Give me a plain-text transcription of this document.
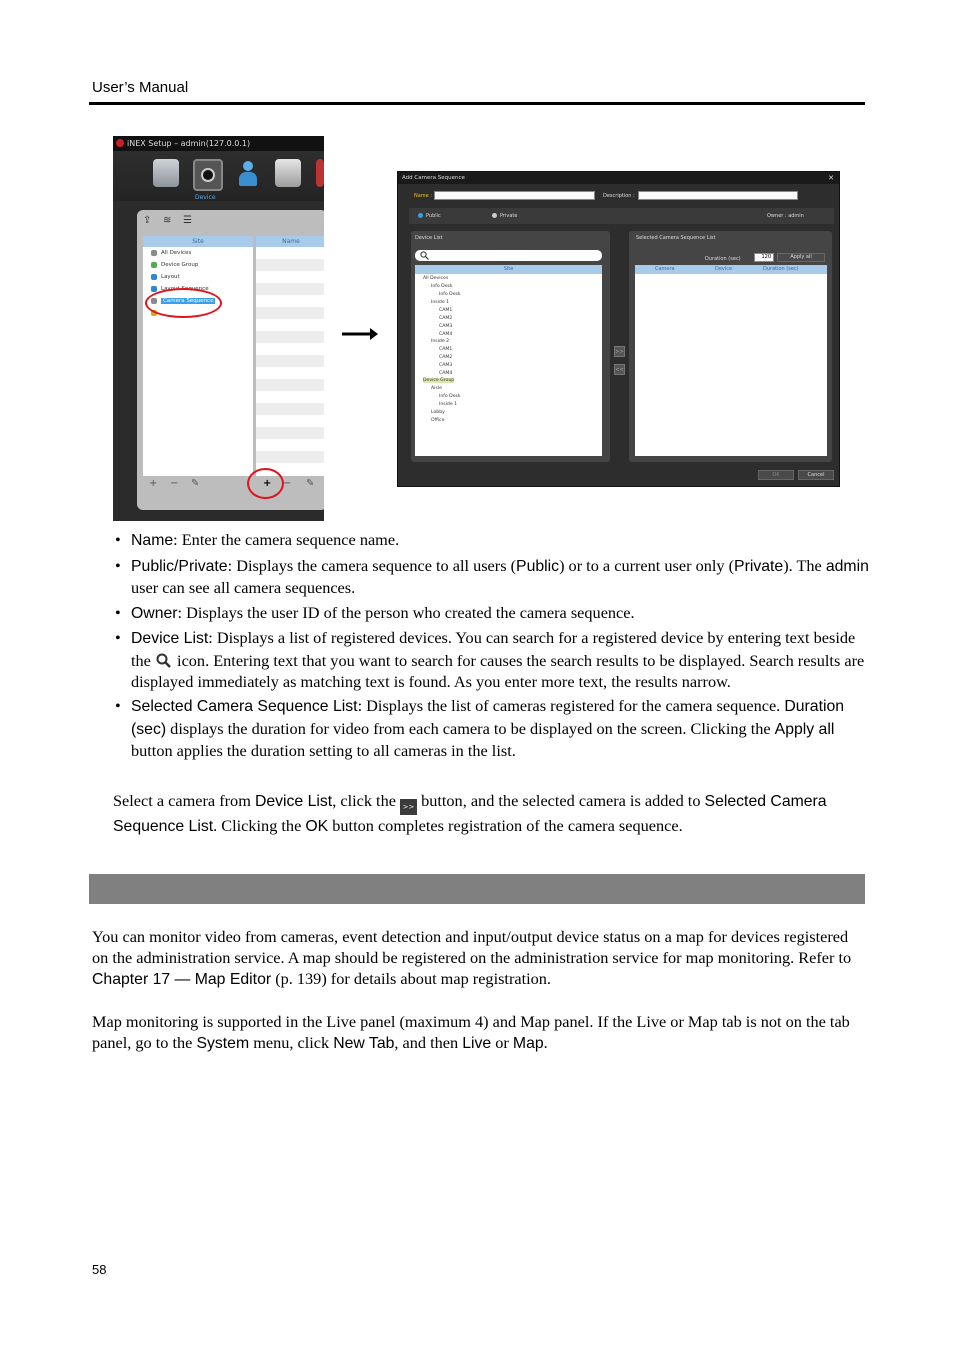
User’s Manual
iNEX Setup – admin(127.0.0.1)
Device
⇪ ≋ ☰
Site
All Devices
Device Group
Layout
Layout Sequence
Camera Sequence
Name
+ − ✎	+ − ✎
Add Camera Sequence	✕
Name :	Description :
Public	Private	Owner : admin
Device List
Site
All Devices
Info Desk
Info Desk
Inside 1
CAM1
CAM2
CAM3
CAM4
Inside 2
CAM1
CAM2
CAM3
CAM4
Device Group
Aisle
Info Desk
Inside 1
Lobby
Office
>>
<<
Selected Camera Sequence List
Duration (sec)	120	Apply all
Camera	Device	Duration (sec)
OK	Cancel
• Name: Enter the camera sequence name.
• Public/Private: Displays the camera sequence to all users (Public) or to a current user only (Private). The admin user can see all camera sequences.
• Owner: Displays the user ID of the person who created the camera sequence.
• Device List: Displays a list of registered devices. You can search for a registered device by entering text beside the  icon. Entering text that you want to search for causes the search results to be displayed. Search results are displayed immediately as matching text is found. As you enter more text, the results narrow.
• Selected Camera Sequence List: Displays the list of cameras registered for the camera sequence. Duration (sec) displays the duration for video from each camera to be displayed on the screen. Clicking the Apply all button applies the duration setting to all cameras in the list.

Select a camera from Device List, click the >> button, and the selected camera is added to Selected Camera Sequence List. Clicking the OK button completes registration of the camera sequence.

You can monitor video from cameras, event detection and input/output device status on a map for devices registered on the administration service. A map should be registered on the administration service for map monitoring. Refer to Chapter 17 — Map Editor (p. 139) for details about map registration.

Map monitoring is supported in the Live panel (maximum 4) and Map panel. If the Live or Map tab is not on the tab panel, go to the System menu, click New Tab, and then Live or Map.

58
